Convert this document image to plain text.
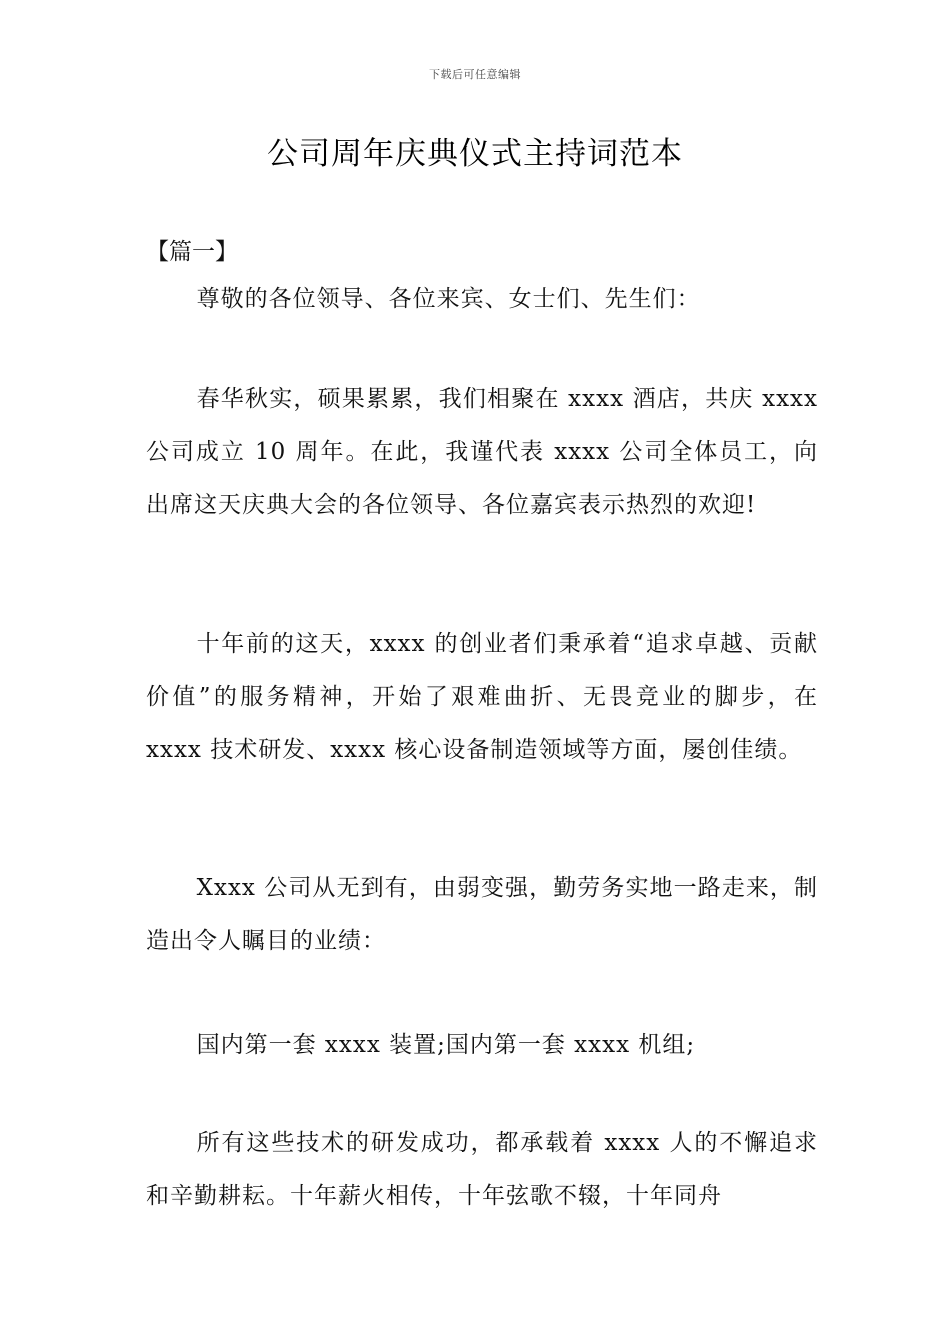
下载后可任意编辑
公司周年庆典仪式主持词范本

【篇一】

尊敬的各位领导、各位来宾、女士们、先生们：

春华秋实，硕果累累，我们相聚在 xxxx 酒店，共庆 xxxx 公司成立 10 周年。在此，我谨代表 xxxx 公司全体员工，向出席这天庆典大会的各位领导、各位嘉宾表示热烈的欢迎!

十年前的这天，xxxx 的创业者们秉承着“追求卓越、贡献价值”的服务精神，开始了艰难曲折、无畏竞业的脚步，在 xxxx 技术研发、xxxx 核心设备制造领域等方面，屡创佳绩。

Xxxx 公司从无到有，由弱变强，勤劳务实地一路走来，制造出令人瞩目的业绩：

国内第一套 xxxx 装置;国内第一套 xxxx 机组;

所有这些技术的研发成功，都承载着 xxxx 人的不懈追求和辛勤耕耘。十年薪火相传，十年弦歌不辍，十年同舟
